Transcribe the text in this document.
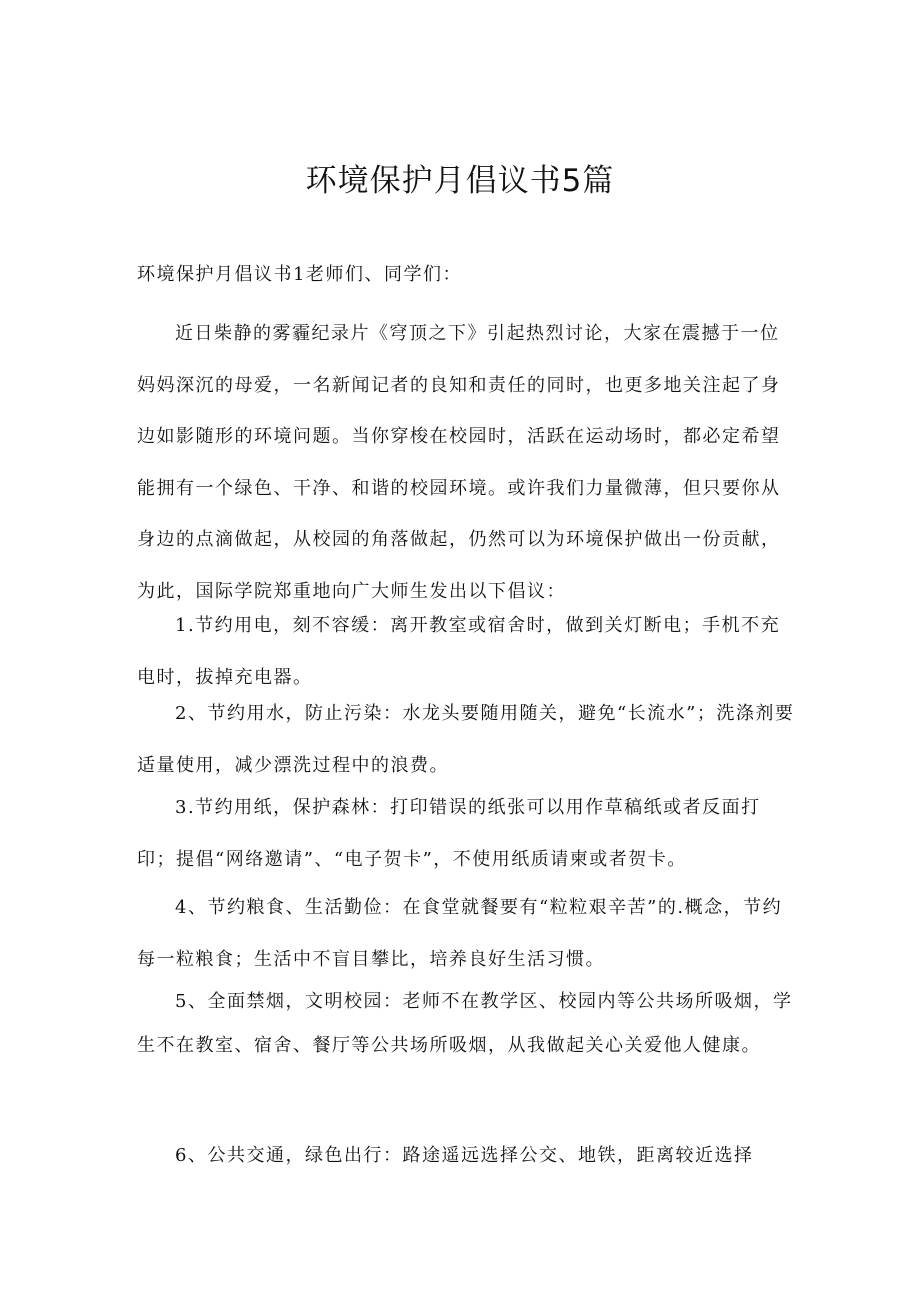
环境保护月倡议书5篇

环境保护月倡议书1老师们、同学们：

近日柴静的雾霾纪录片《穹顶之下》引起热烈讨论，大家在震撼于一位妈妈深沉的母爱，一名新闻记者的良知和责任的同时，也更多地关注起了身边如影随形的环境问题。当你穿梭在校园时，活跃在运动场时，都必定希望能拥有一个绿色、干净、和谐的校园环境。或许我们力量微薄，但只要你从身边的点滴做起，从校园的角落做起，仍然可以为环境保护做出一份贡献，为此，国际学院郑重地向广大师生发出以下倡议：

1.节约用电，刻不容缓：离开教室或宿舍时，做到关灯断电；手机不充电时，拔掉充电器。

2、节约用水，防止污染：水龙头要随用随关，避免“长流水”；洗涤剂要适量使用，减少漂洗过程中的浪费。

3.节约用纸，保护森林：打印错误的纸张可以用作草稿纸或者反面打印；提倡“网络邀请”、“电子贺卡”，不使用纸质请柬或者贺卡。

4、节约粮食、生活勤俭：在食堂就餐要有“粒粒艰辛苦”的.概念，节约每一粒粮食；生活中不盲目攀比，培养良好生活习惯。

5、全面禁烟，文明校园：老师不在教学区、校园内等公共场所吸烟，学生不在教室、宿舍、餐厅等公共场所吸烟，从我做起关心关爱他人健康。

6、公共交通，绿色出行：路途遥远选择公交、地铁，距离较近选择
